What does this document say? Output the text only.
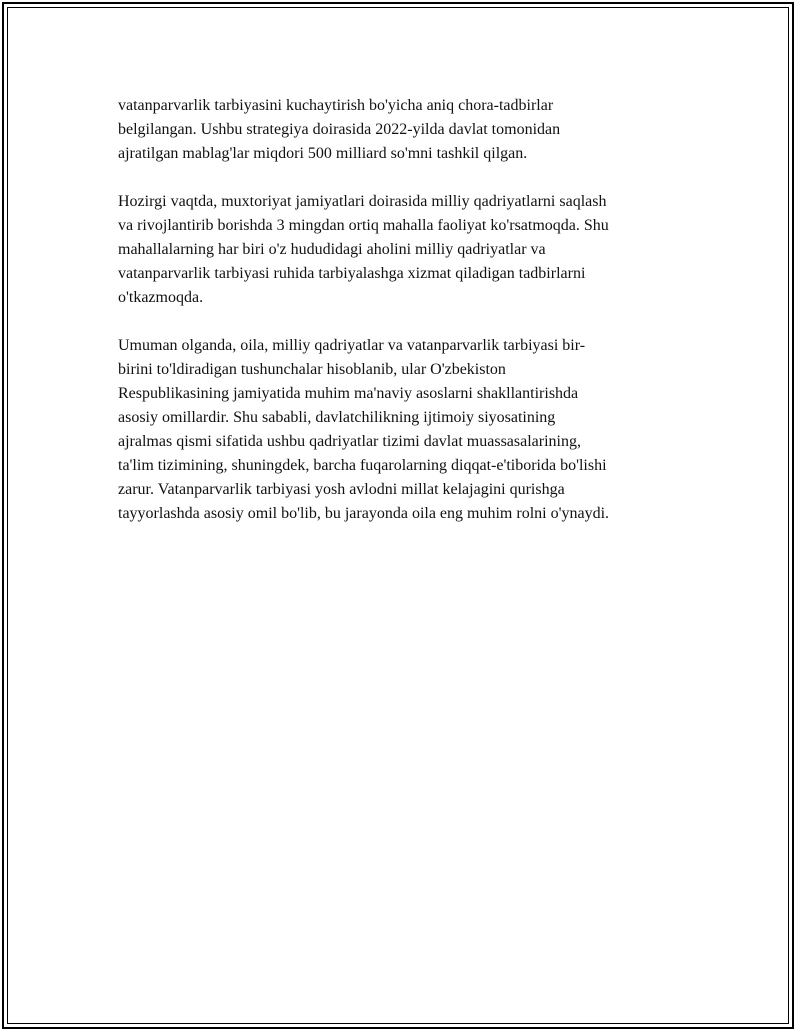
vatanparvarlik tarbiyasini kuchaytirish bo'yicha aniq chora-tadbirlar
belgilangan. Ushbu strategiya doirasida 2022-yilda davlat tomonidan
ajratilgan mablag'lar miqdori 500 milliard so'mni tashkil qilgan.

Hozirgi vaqtda, muxtoriyat jamiyatlari doirasida milliy qadriyatlarni saqlash
va rivojlantirib borishda 3 mingdan ortiq mahalla faoliyat ko'rsatmoqda. Shu
mahallalarning har biri o'z hududidagi aholini milliy qadriyatlar va
vatanparvarlik tarbiyasi ruhida tarbiyalashga xizmat qiladigan tadbirlarni
o'tkazmoqda.

Umuman olganda, oila, milliy qadriyatlar va vatanparvarlik tarbiyasi bir-
birini to'ldiradigan tushunchalar hisoblanib, ular O'zbekiston
Respublikasining jamiyatida muhim ma'naviy asoslarni shakllantirishda
asosiy omillardir. Shu sababli, davlatchilikning ijtimoiy siyosatining
ajralmas qismi sifatida ushbu qadriyatlar tizimi davlat muassasalarining,
ta'lim tizimining, shuningdek, barcha fuqarolarning diqqat-e'tiborida bo'lishi
zarur. Vatanparvarlik tarbiyasi yosh avlodni millat kelajagini qurishga
tayyorlashda asosiy omil bo'lib, bu jarayonda oila eng muhim rolni o'ynaydi.
